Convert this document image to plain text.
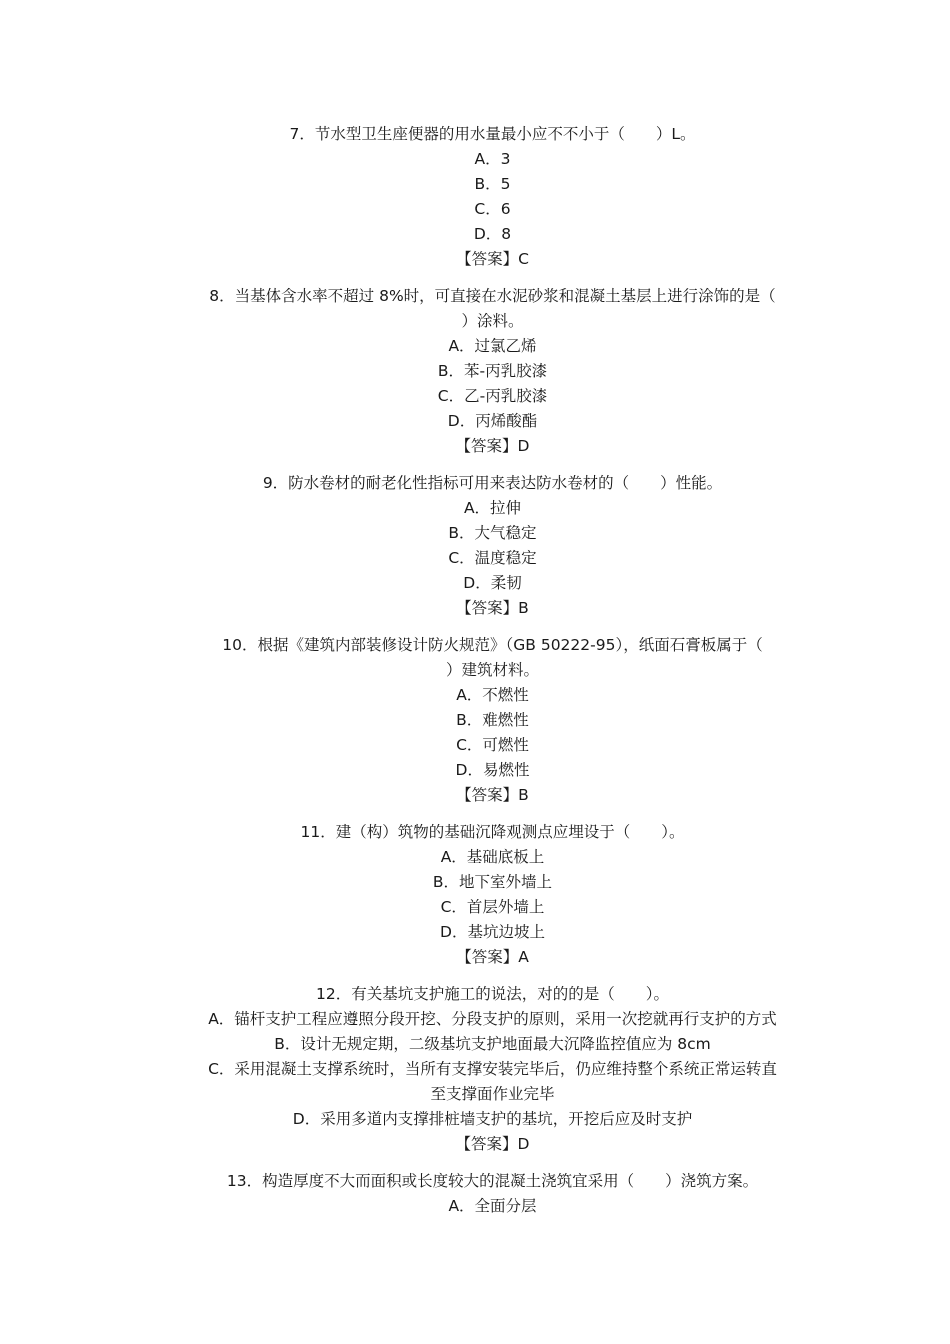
7．节水型卫生座便器的用水量最小应不不小于（　　）L。
A．3
B．5
C．6
D．8
【答案】C
8．当基体含水率不超过 8%时，可直接在水泥砂浆和混凝土基层上进行涂饰的是（
）涂料。
A．过氯乙烯
B．苯-丙乳胶漆
C．乙-丙乳胶漆
D．丙烯酸酯
【答案】D
9．防水卷材的耐老化性指标可用来表达防水卷材的（　　）性能。
A．拉伸
B．大气稳定
C．温度稳定
D．柔韧
【答案】B
10．根据《建筑内部装修设计防火规范》（GB 50222-95），纸面石膏板属于（
）建筑材料。
A．不燃性
B．难燃性
C．可燃性
D．易燃性
【答案】B
11．建（构）筑物的基础沉降观测点应埋设于（　　）。
A．基础底板上
B．地下室外墙上
C．首层外墙上
D．基坑边坡上
【答案】A
12．有关基坑支护施工的说法，对的的是（　　）。
A．锚杆支护工程应遵照分段开挖、分段支护的原则，采用一次挖就再行支护的方式
B．设计无规定期，二级基坑支护地面最大沉降监控值应为 8cm
C．采用混凝土支撑系统时，当所有支撑安装完毕后，仍应维持整个系统正常运转直
至支撑面作业完毕
D．采用多道内支撑排桩墙支护的基坑，开挖后应及时支护
【答案】D
13．构造厚度不大而面积或长度较大的混凝土浇筑宜采用（　　）浇筑方案。
A．全面分层
